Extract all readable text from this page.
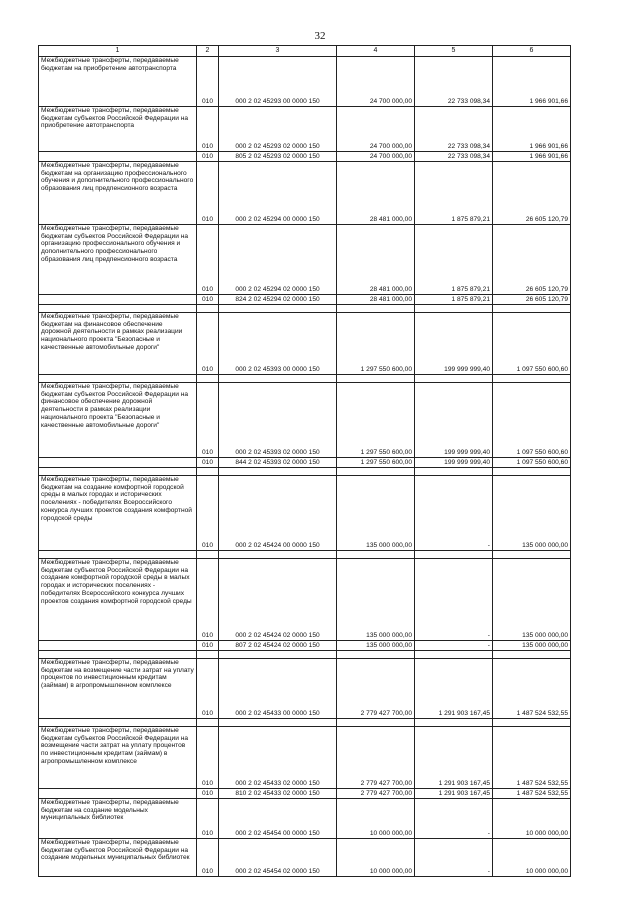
32
1	2	3	4	5	6
Межбюджетные трансферты, передаваемые бюджетам на приобретение автотранспорта	010	000 2 02 45293 00 0000 150	24 700 000,00	22 733 098,34	1 966 901,66
Межбюджетные трансферты, передаваемые бюджетам субъектов Российской Федерации на приобретение автотранспорта	010	000 2 02 45293 02 0000 150	24 700 000,00	22 733 098,34	1 966 901,66
	010	805 2 02 45293 02 0000 150	24 700 000,00	22 733 098,34	1 966 901,66
Межбюджетные трансферты, передаваемые бюджетам на организацию профессионального обучения и дополнительного профессионального образования лиц предпенсионного возраста	010	000 2 02 45294 00 0000 150	28 481 000,00	1 875 879,21	26 605 120,79
Межбюджетные трансферты, передаваемые бюджетам субъектов Российской Федерации на организацию профессионального обучения и дополнительного профессионального образования лиц предпенсионного возраста	010	000 2 02 45294 02 0000 150	28 481 000,00	1 875 879,21	26 605 120,79
	010	824 2 02 45294 02 0000 150	28 481 000,00	1 875 879,21	26 605 120,79

Межбюджетные трансферты, передаваемые бюджетам на финансовое обеспечение дорожной деятельности в рамках реализации национального проекта "Безопасные и качественные автомобильные дороги"	010	000 2 02 45393 00 0000 150	1 297 550 600,00	199 999 999,40	1 097 550 600,60

Межбюджетные трансферты, передаваемые бюджетам субъектов Российской Федерации на финансовое обеспечение дорожной деятельности в рамках реализации национального проекта "Безопасные и качественные автомобильные дороги"	010	000 2 02 45393 02 0000 150	1 297 550 600,00	199 999 999,40	1 097 550 600,60
	010	844 2 02 45393 02 0000 150	1 297 550 600,00	199 999 999,40	1 097 550 600,60

Межбюджетные трансферты, передаваемые бюджетам на создание комфортной городской среды в малых городах и исторических поселениях - победителях Всероссийского конкурса лучших проектов создания комфортной городской среды	010	000 2 02 45424 00 0000 150	135 000 000,00	-	135 000 000,00

Межбюджетные трансферты, передаваемые бюджетам субъектов Российской Федерации на создание комфортной городской среды в малых городах и исторических поселениях - победителях Всероссийского конкурса лучших проектов создания комфортной городской среды	010	000 2 02 45424 02 0000 150	135 000 000,00	-	135 000 000,00
	010	807 2 02 45424 02 0000 150	135 000 000,00	-	135 000 000,00

Межбюджетные трансферты, передаваемые бюджетам на возмещение части затрат на уплату процентов по инвестиционным кредитам (займам) в агропромышленном комплексе	010	000 2 02 45433 00 0000 150	2 779 427 700,00	1 291 903 167,45	1 487 524 532,55

Межбюджетные трансферты, передаваемые бюджетам субъектов Российской Федерации на возмещение части затрат на уплату процентов по инвестиционным кредитам (займам) в агропромышленном комплексе	010	000 2 02 45433 02 0000 150	2 779 427 700,00	1 291 903 167,45	1 487 524 532,55
	010	810 2 02 45433 02 0000 150	2 779 427 700,00	1 291 903 167,45	1 487 524 532,55
Межбюджетные трансферты, передаваемые бюджетам на создание модельных муниципальных библиотек	010	000 2 02 45454 00 0000 150	10 000 000,00	-	10 000 000,00
Межбюджетные трансферты, передаваемые бюджетам субъектов Российской Федерации на создание модельных муниципальных библиотек	010	000 2 02 45454 02 0000 150	10 000 000,00	-	10 000 000,00
